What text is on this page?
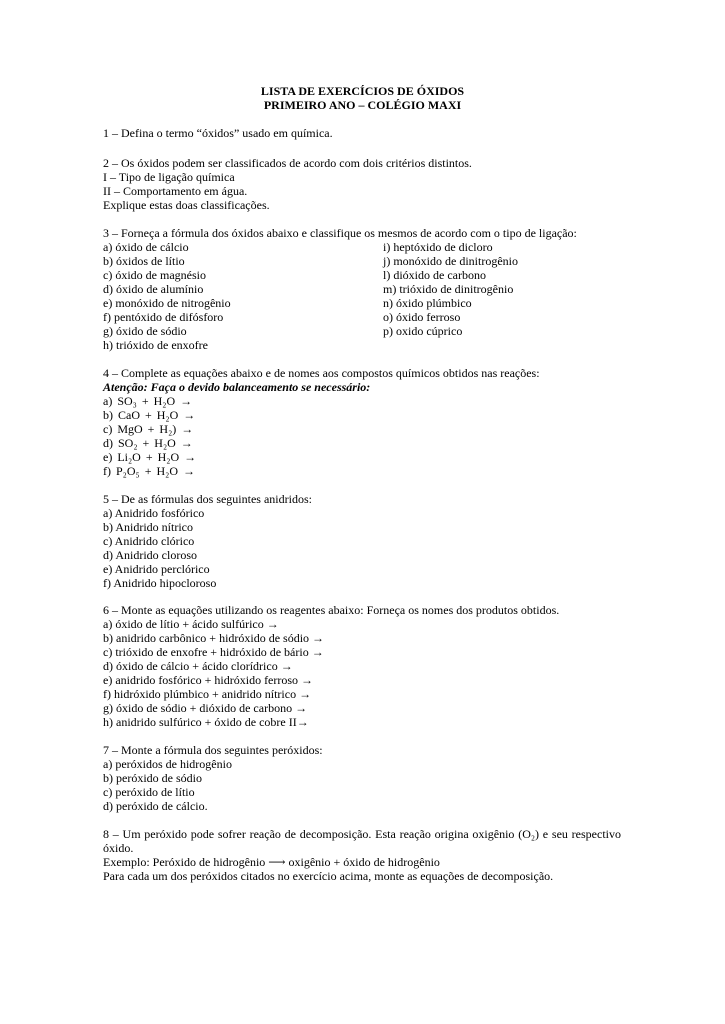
LISTA DE EXERCÍCIOS DE ÓXIDOS
PRIMEIRO ANO – COLÉGIO MAXI
1 – Defina o termo “óxidos” usado em química.
2 – Os óxidos podem ser classificados de acordo com dois critérios distintos.
I – Tipo de ligação química
II – Comportamento em água.
Explique estas doas classificações.
3 – Forneça a fórmula dos óxidos abaixo e classifique os mesmos de acordo com o tipo de ligação:
a) óxido de cálcio
b) óxidos de lítio
c) óxido de magnésio
d) óxido de alumínio
e) monóxido de nitrogênio
f) pentóxido de difósforo
g) óxido de sódio
h) trióxido de enxofre
i) heptóxido de dicloro
j) monóxido de dinitrogênio
l) dióxido de carbono
m) trióxido de dinitrogênio
n) óxido plúmbico
o) óxido ferroso
p) oxido cúprico
4 – Complete as equações abaixo e de nomes aos compostos químicos obtidos nas reações:
Atenção: Faça o devido balanceamento se necessário:
a) SO₃ + H₂O →
b) CaO + H₂O →
c) MgO + H₂) →
d) SO₂ + H₂O →
e) Li₂O + H₂O →
f) P₂O₅ + H₂O →
5 – De as fórmulas dos seguintes anidridos:
a) Anidrido fosfórico
b) Anidrido nítrico
c) Anidrido clórico
d) Anidrido cloroso
e) Anidrido perclórico
f) Anidrido hipocloroso
6 – Monte as equações utilizando os reagentes abaixo: Forneça os nomes dos produtos obtidos.
a) óxido de lítio + ácido sulfúrico →
b) anidrido carbônico + hidróxido de sódio →
c) trióxido de enxofre + hidróxido de bário →
d) óxido de cálcio + ácido clorídrico →
e) anidrido fosfórico + hidróxido ferroso →
f) hidróxido plúmbico + anidrido nítrico →
g) óxido de sódio + dióxido de carbono →
h) anidrido sulfúrico + óxido de cobre II→
7 – Monte a fórmula dos seguintes peróxidos:
a) peróxidos de hidrogênio
b) peróxido de sódio
c) peróxido de lítio
d) peróxido de cálcio.
8 – Um peróxido pode sofrer reação de decomposição. Esta reação origina oxigênio (O₂) e seu respectivo óxido.
Exemplo: Peróxido de hidrogênio ⟶ oxigênio + óxido de hidrogênio
Para cada um dos peróxidos citados no exercício acima, monte as equações de decomposição.
